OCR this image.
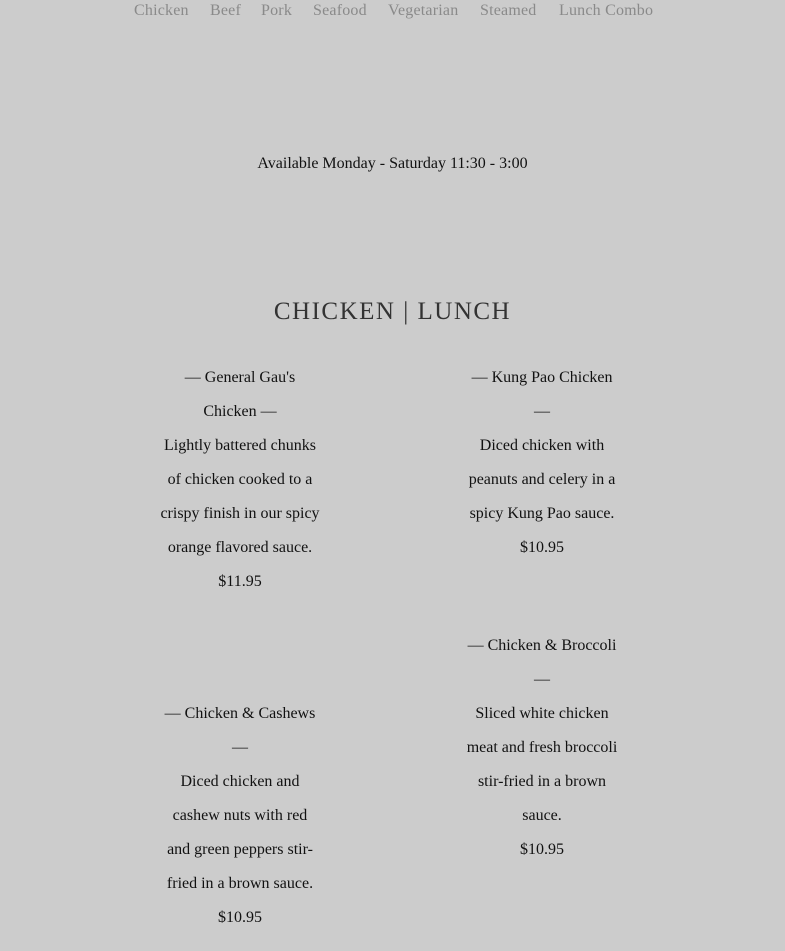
Chicken Beef Pork Seafood Vegetarian Steamed Lunch Combo
Available Monday - Saturday 11:30 - 3:00
CHICKEN | LUNCH
— General Gau's Chicken —
Lightly battered chunks of chicken cooked to a crispy finish in our spicy orange flavored sauce.
$11.95
— Chicken & Cashews —
Diced chicken and cashew nuts with red and green peppers stir-fried in a brown sauce.
$10.95
— Kung Pao Chicken —
Diced chicken with peanuts and celery in a spicy Kung Pao sauce.
$10.95
— Chicken & Broccoli —
Sliced white chicken meat and fresh broccoli stir-fried in a brown sauce.
$10.95
